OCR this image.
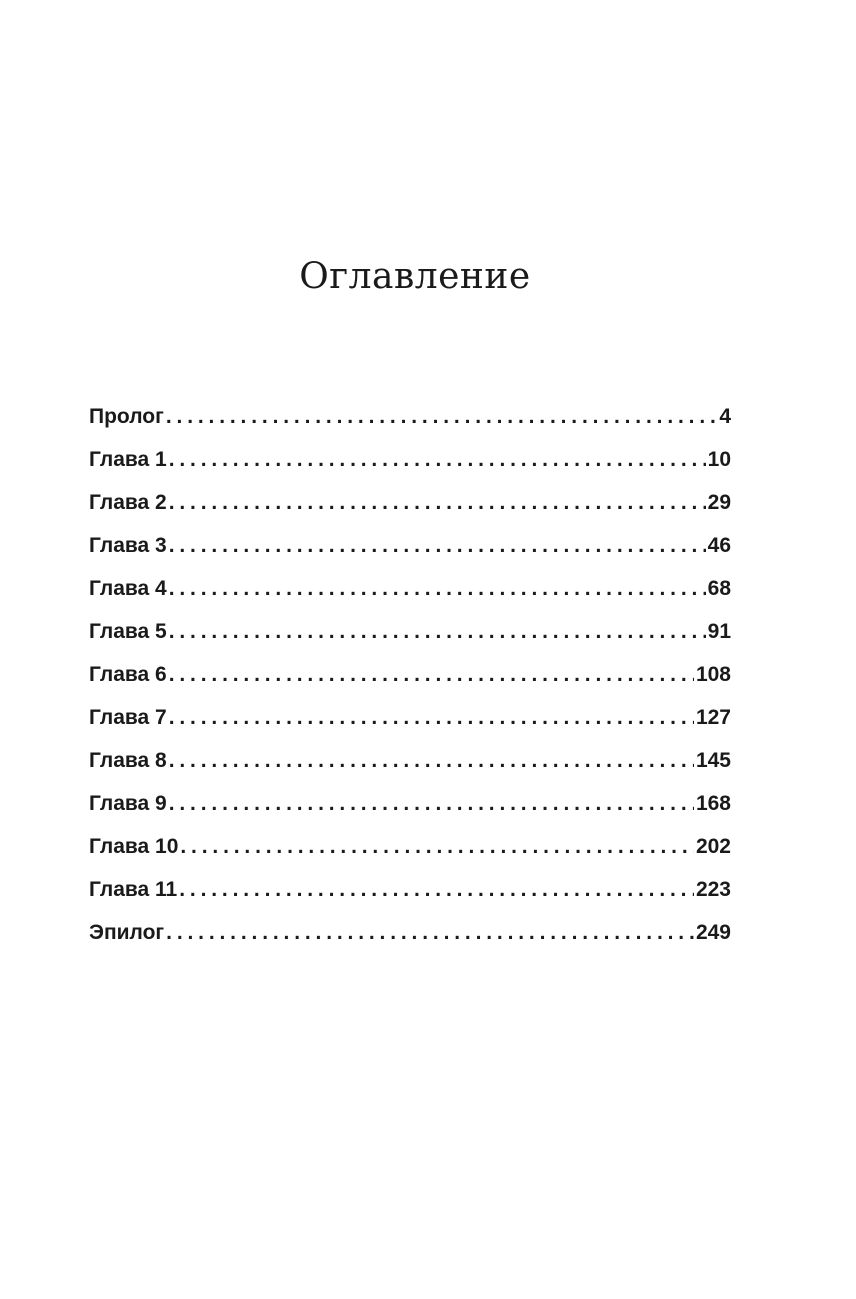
Оглавление
Пролог . . .	4
Глава 1 . . .	10
Глава 2 . . .	29
Глава 3 . . .	46
Глава 4 . . .	68
Глава 5 . . .	91
Глава 6 . . .	108
Глава 7 . . .	127
Глава 8 . . .	145
Глава 9 . . .	168
Глава 10 . . .	202
Глава 11 . . .	223
Эпилог . . .	249
